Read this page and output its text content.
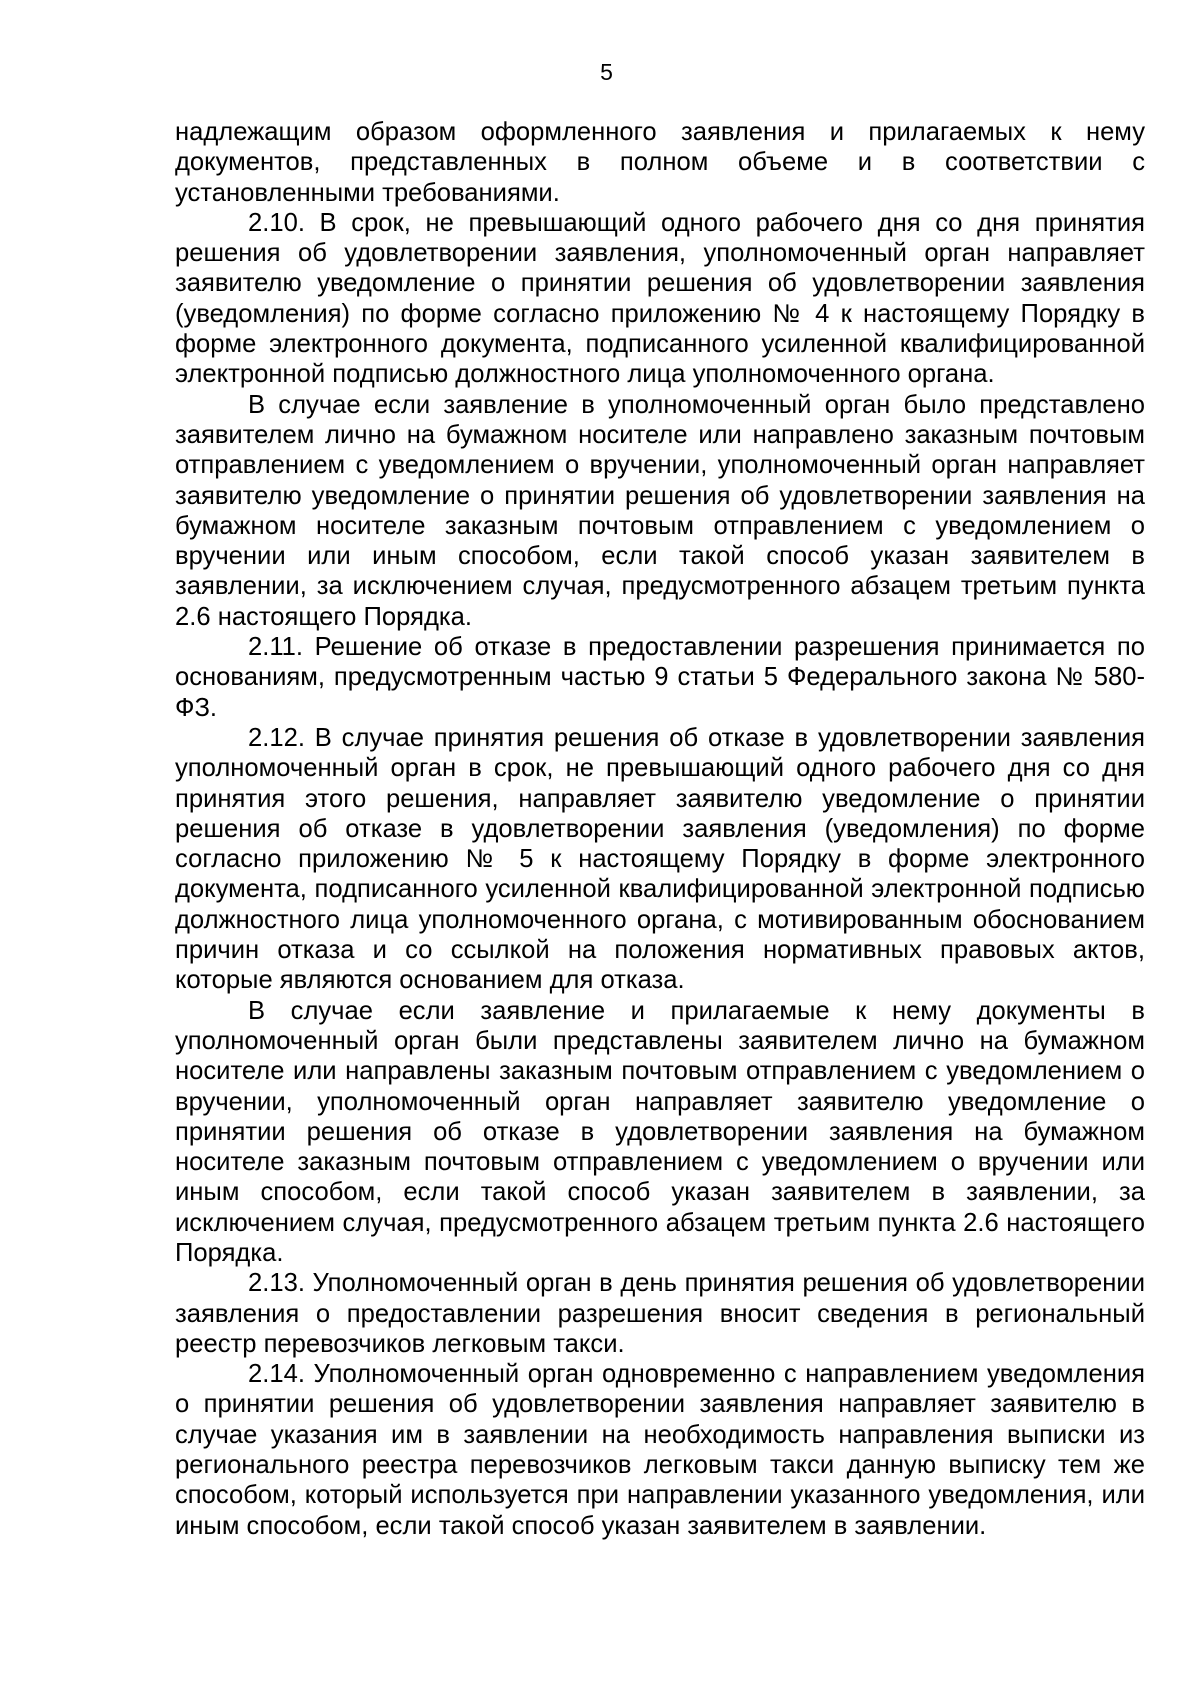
5

надлежащим образом оформленного заявления и прилагаемых к нему документов, представленных в полном объеме и в соответствии с установленными требованиями.

2.10. В срок, не превышающий одного рабочего дня со дня принятия решения об удовлетворении заявления, уполномоченный орган направляет заявителю уведомление о принятии решения об удовлетворении заявления (уведомления) по форме согласно приложению № 4 к настоящему Порядку в форме электронного документа, подписанного усиленной квалифицированной электронной подписью должностного лица уполномоченного органа.

В случае если заявление в уполномоченный орган было представлено заявителем лично на бумажном носителе или направлено заказным почтовым отправлением с уведомлением о вручении, уполномоченный орган направляет заявителю уведомление о принятии решения об удовлетворении заявления на бумажном носителе заказным почтовым отправлением с уведомлением о вручении или иным способом, если такой способ указан заявителем в заявлении, за исключением случая, предусмотренного абзацем третьим пункта 2.6 настоящего Порядка.

2.11. Решение об отказе в предоставлении разрешения принимается по основаниям, предусмотренным частью 9 статьи 5 Федерального закона № 580-ФЗ.

2.12. В случае принятия решения об отказе в удовлетворении заявления уполномоченный орган в срок, не превышающий одного рабочего дня со дня принятия этого решения, направляет заявителю уведомление о принятии решения об отказе в удовлетворении заявления (уведомления) по форме согласно приложению № 5 к настоящему Порядку в форме электронного документа, подписанного усиленной квалифицированной электронной подписью должностного лица уполномоченного органа, с мотивированным обоснованием причин отказа и со ссылкой на положения нормативных правовых актов, которые являются основанием для отказа.

В случае если заявление и прилагаемые к нему документы в уполномоченный орган были представлены заявителем лично на бумажном носителе или направлены заказным почтовым отправлением с уведомлением о вручении, уполномоченный орган направляет заявителю уведомление о принятии решения об отказе в удовлетворении заявления на бумажном носителе заказным почтовым отправлением с уведомлением о вручении или иным способом, если такой способ указан заявителем в заявлении, за исключением случая, предусмотренного абзацем третьим пункта 2.6 настоящего Порядка.

2.13. Уполномоченный орган в день принятия решения об удовлетворении заявления о предоставлении разрешения вносит сведения в региональный реестр перевозчиков легковым такси.

2.14. Уполномоченный орган одновременно с направлением уведомления о принятии решения об удовлетворении заявления направляет заявителю в случае указания им в заявлении на необходимость направления выписки из регионального реестра перевозчиков легковым такси данную выписку тем же способом, который используется при направлении указанного уведомления, или иным способом, если такой способ указан заявителем в заявлении.
